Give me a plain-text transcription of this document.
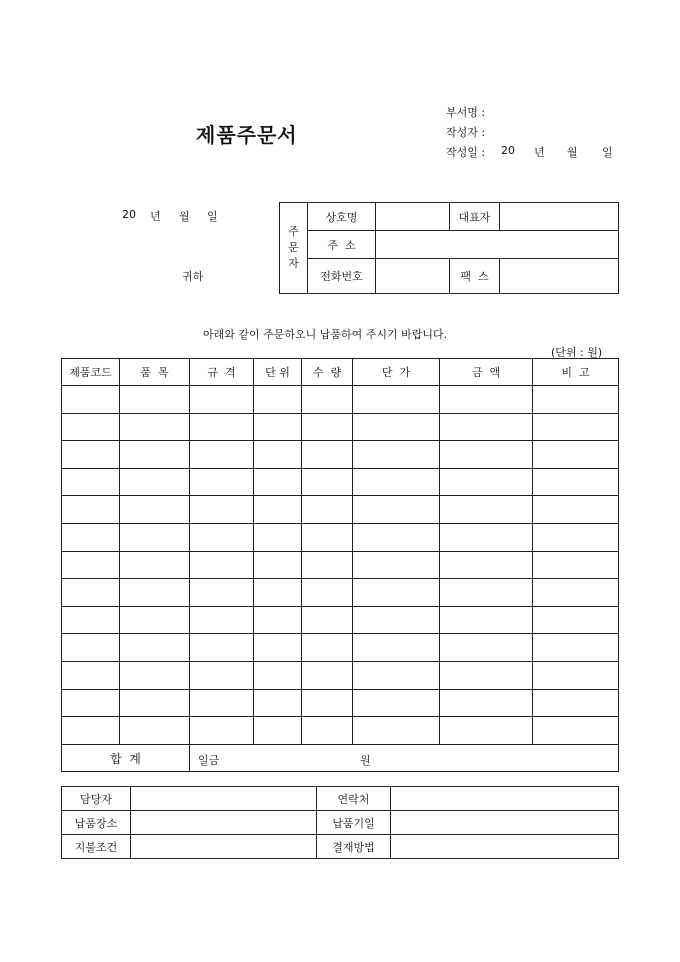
제품주문서
부서명 :
작성자 :
작성일 : 20 년 월 일
20 년 월 일
귀하
주
문
자	상호명		대표자	
	주  소			
	전화번호		팩  스	
아래와 같이 주문하오니 납품하여 주시기 바랍니다.
(단위 : 원)
제품코드	품  목	규  격	단 위	수  량	단  가	금  액	비  고

합  계		일금 원					
담당자		연락처	
납품장소		납품기일	
지불조건		결재방법	
